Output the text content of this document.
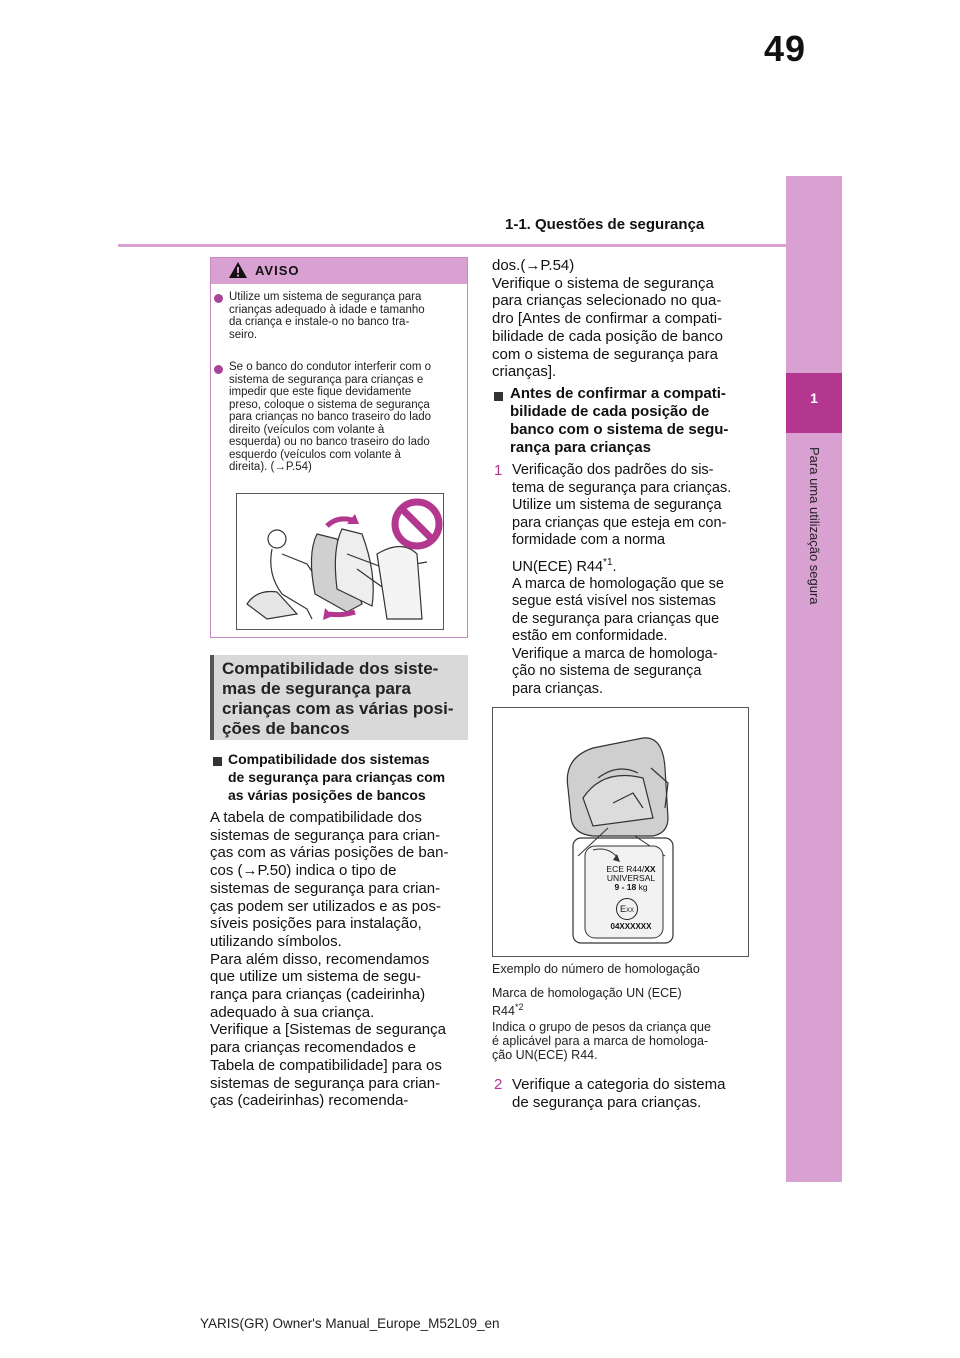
49
1-1. Questões de segurança
1
Para uma utilização segura
AVISO
Utilize um sistema de segurança para
crianças adequado à idade e tamanho
da criança e instale-o no banco tra-
seiro.
Se o banco do condutor interferir com o
sistema de segurança para crianças e
impedir que este fique devidamente
preso, coloque o sistema de segurança
para crianças no banco traseiro do lado
direito (veículos com volante à
esquerda) ou no banco traseiro do lado
esquerdo (veículos com volante à
direita). (→P.54)
Compatibilidade dos siste-
mas de segurança para
crianças com as várias posi-
ções de bancos
Compatibilidade dos sistemas
de segurança para crianças com
as várias posições de bancos
A tabela de compatibilidade dos
sistemas de segurança para crian-
ças com as várias posições de ban-
cos (→P.50) indica o tipo de
sistemas de segurança para crian-
ças podem ser utilizados e as pos-
síveis posições para instalação,
utilizando símbolos.
Para além disso, recomendamos
que utilize um sistema de segu-
rança para crianças (cadeirinha)
adequado à sua criança.
Verifique a [Sistemas de segurança
para crianças recomendados e
Tabela de compatibilidade] para os
sistemas de segurança para crian-
ças (cadeirinhas) recomenda-
dos.(→P.54)
Verifique o sistema de segurança
para crianças selecionado no qua-
dro [Antes de confirmar a compati-
bilidade de cada posição de banco
com o sistema de segurança para
crianças].
Antes de confirmar a compati-
bilidade de cada posição de
banco com o sistema de segu-
rança para crianças
1 Verificação dos padrões do sis-
tema de segurança para crianças.
Utilize um sistema de segurança
para crianças que esteja em con-
formidade com a norma
UN(ECE) R44$^{*1}$.
A marca de homologação que se
segue está visível nos sistemas
de segurança para crianças que
estão em conformidade.
Verifique a marca de homologa-
ção no sistema de segurança
para crianças.
ECE R44/XX
UNIVERSAL
9 - 18 kg
EXX
04XXXXXX
Exemplo do número de homologação
Marca de homologação UN (ECE)
R44$^{*2}$
Indica o grupo de pesos da criança que
é aplicável para a marca de homologa-
ção UN(ECE) R44.
2 Verifique a categoria do sistema
de segurança para crianças.
YARIS(GR) Owner's Manual_Europe_M52L09_en
